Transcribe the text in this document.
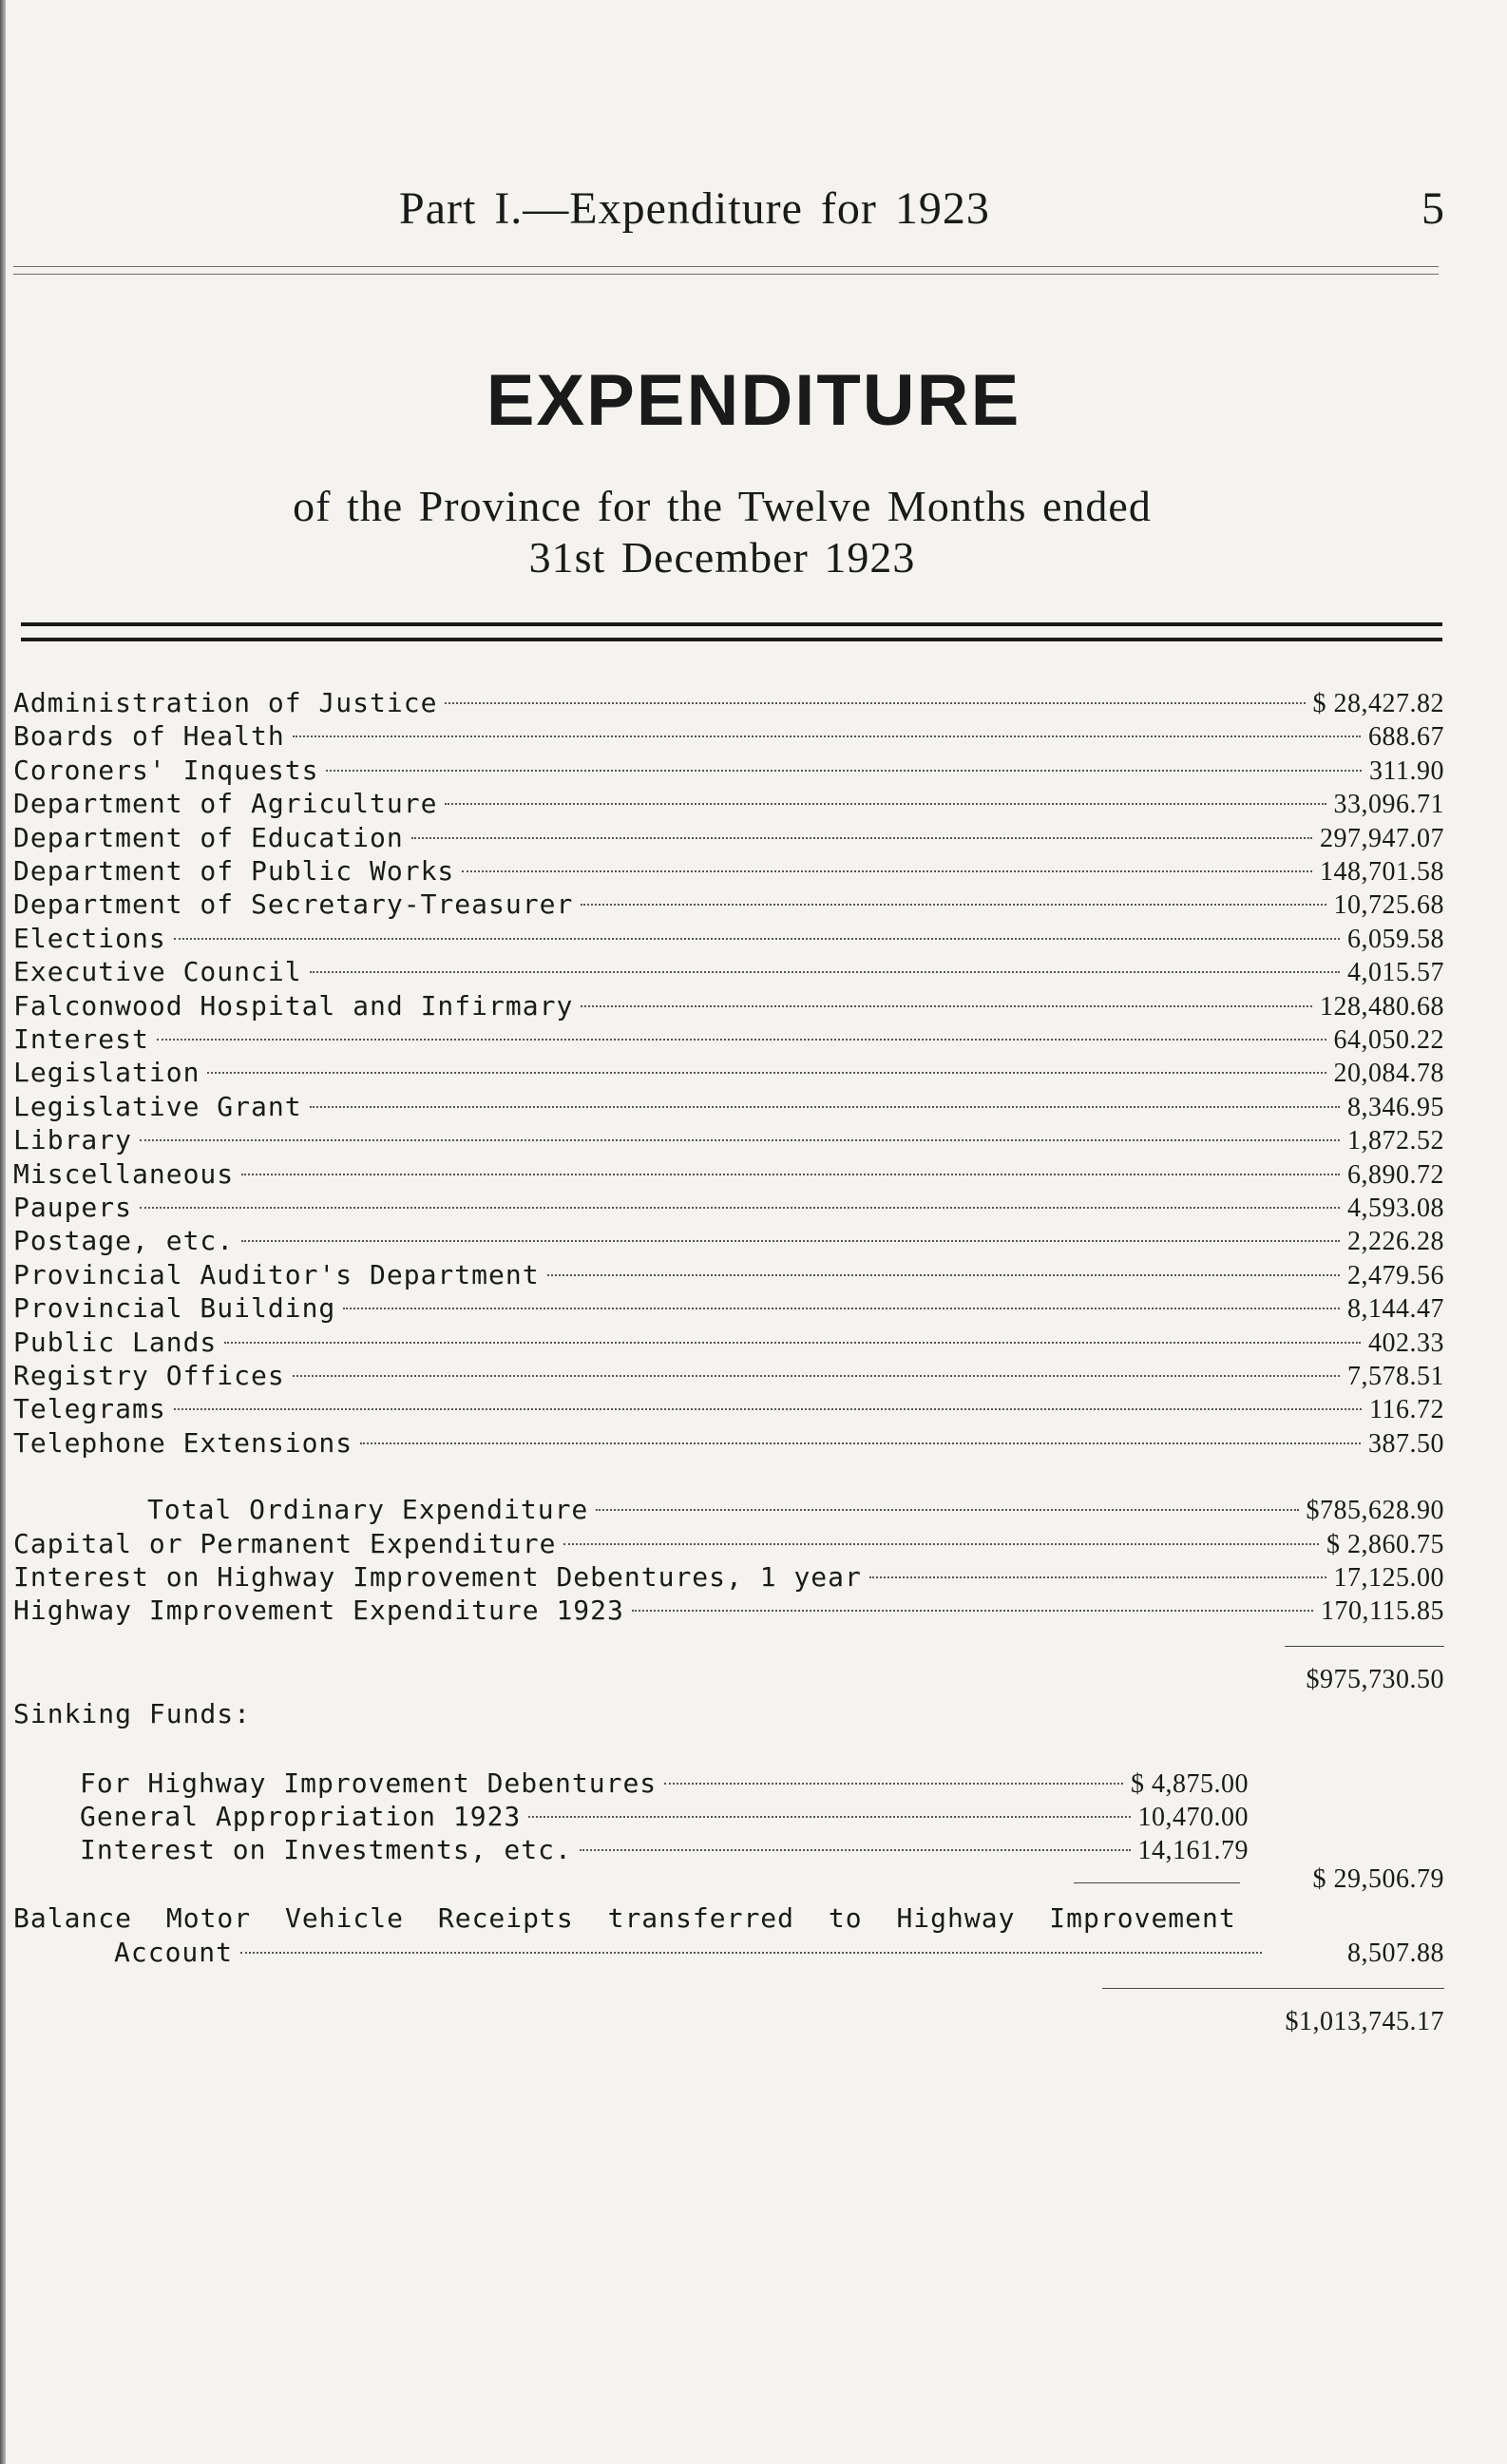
Part I.—Expenditure for 1923	5
EXPENDITURE
of the Province for the Twelve Months ended
31st December 1923
Administration of Justice	$ 28,427.82
Boards of Health	688.67
Coroners' Inquests	311.90
Department of Agriculture	33,096.71
Department of Education	297,947.07
Department of Public Works	148,701.58
Department of Secretary-Treasurer	10,725.68
Elections	6,059.58
Executive Council	4,015.57
Falconwood Hospital and Infirmary	128,480.68
Interest	64,050.22
Legislation	20,084.78
Legislative Grant	8,346.95
Library	1,872.52
Miscellaneous	6,890.72
Paupers	4,593.08
Postage, etc.	2,226.28
Provincial Auditor's Department	2,479.56
Provincial Building	8,144.47
Public Lands	402.33
Registry Offices	7,578.51
Telegrams	116.72
Telephone Extensions	387.50
Total Ordinary Expenditure	$785,628.90
Capital or Permanent Expenditure	$ 2,860.75
Interest on Highway Improvement Debentures, 1 year	17,125.00
Highway Improvement Expenditure 1923	170,115.85
$975,730.50
Sinking Funds:
For Highway Improvement Debentures	$ 4,875.00
General Appropriation 1923	10,470.00
Interest on Investments, etc.	14,161.79
$ 29,506.79
Balance Motor Vehicle Receipts transferred to Highway Improvement
Account	8,507.88
$1,013,745.17
